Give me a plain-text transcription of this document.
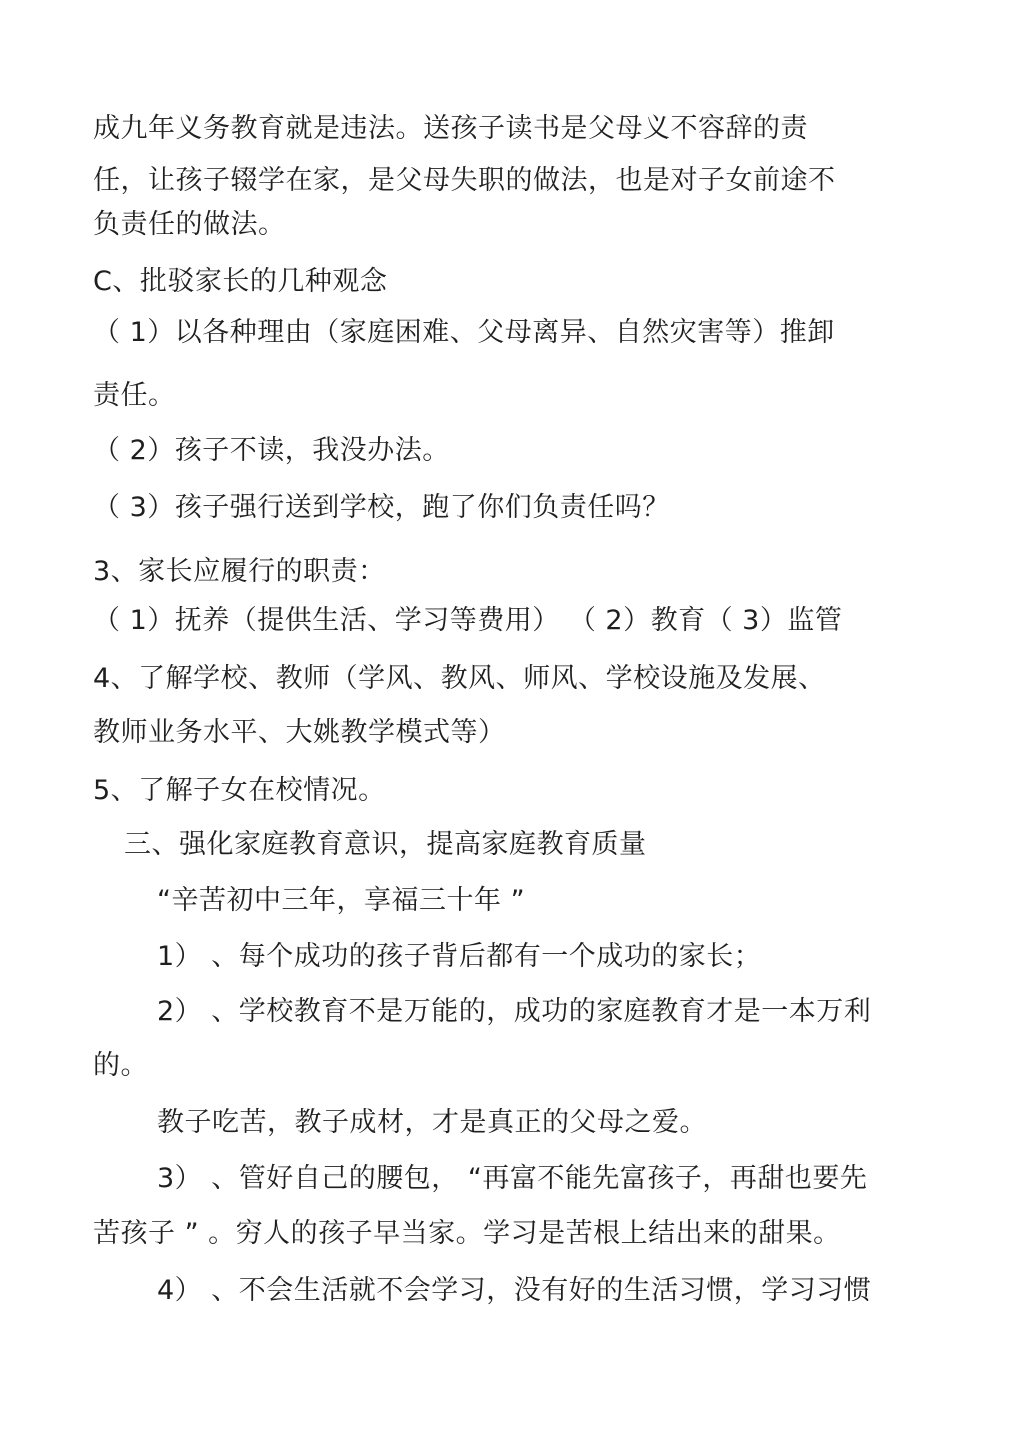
成九年义务教育就是违法。送孩子读书是父母义不容辞的责
任，让孩子辍学在家，是父母失职的做法，也是对子女前途不
负责任的做法。
C、批驳家长的几种观念
（ 1）以各种理由（家庭困难、父母离异、自然灾害等）推卸
责任。
（ 2）孩子不读，我没办法。
（ 3）孩子强行送到学校，跑了你们负责任吗？
3、家长应履行的职责：
（ 1）抚养（提供生活、学习等费用） （ 2）教育（ 3）监管
4、了解学校、教师（学风、教风、师风、学校设施及发展、
教师业务水平、大姚教学模式等）
5、了解子女在校情况。
三、强化家庭教育意识，提高家庭教育质量
“辛苦初中三年，享福三十年 ”
1） 、每个成功的孩子背后都有一个成功的家长；
2） 、学校教育不是万能的，成功的家庭教育才是一本万利
的。
教子吃苦，教子成材，才是真正的父母之爱。
3） 、管好自己的腰包， “再富不能先富孩子，再甜也要先
苦孩子 ” 。穷人的孩子早当家。学习是苦根上结出来的甜果。
4） 、不会生活就不会学习，没有好的生活习惯，学习习惯
